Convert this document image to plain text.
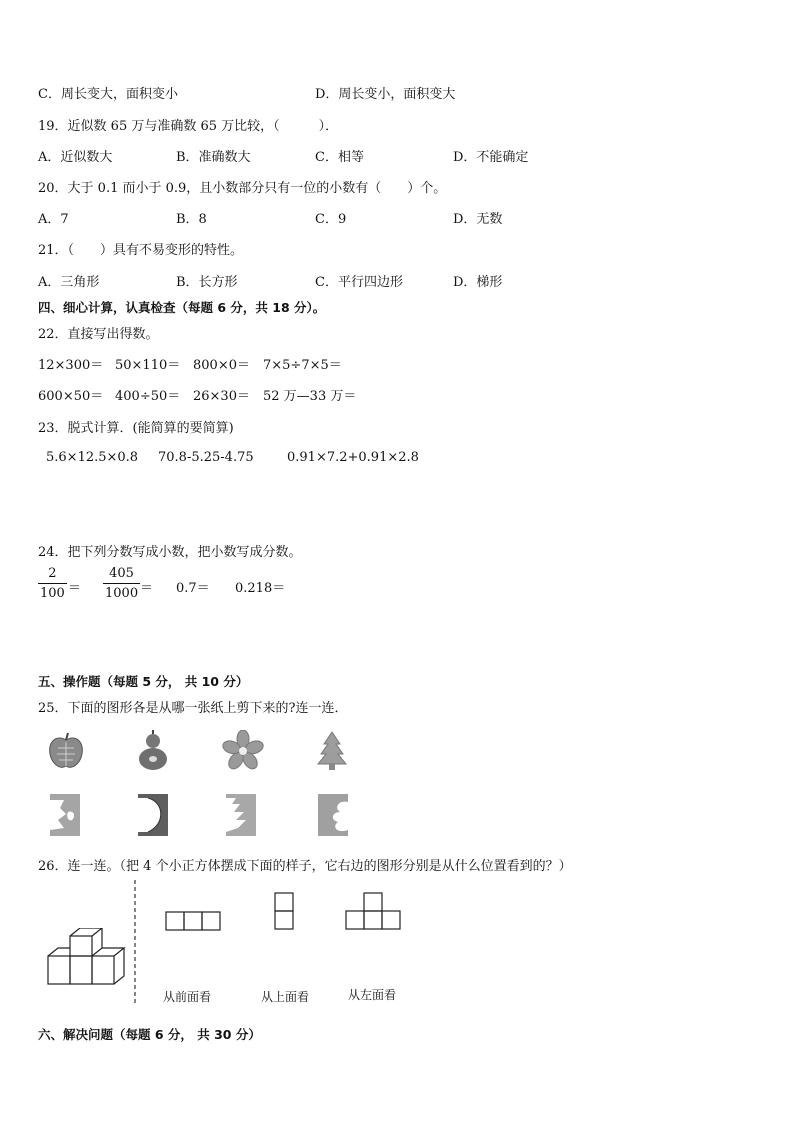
C．周长变大，面积变小	D．周长变小，面积变大
19．近似数 65 万与准确数 65 万比较，（　　　）．
A．近似数大	B．准确数大	C．相等	D．不能确定
20．大于 0.1 而小于 0.9，且小数部分只有一位的小数有（　　）个。
A．7	B．8	C．9	D．无数
21．（　　）具有不易变形的特性。
A．三角形	B．长方形	C．平行四边形	D．梯形
四、细心计算，认真检查（每题 6 分，共 18 分）。
22．直接写出得数。
12×300＝ 50×110＝ 800×0＝ 7×5÷7×5＝
600×50＝ 400÷50＝ 26×30＝ 52 万—33 万＝
23．脱式计算．(能简算的要简算)
5.6×12.5×0.8 70.8-5.25-4.75	0.91×7.2+0.91×2.8
24．把下列分数写成小数，把小数写成分数。
2
100 ＝
405
1000 ＝ 0.7＝ 0.218＝
五、操作题（每题 5 分， 共 10 分）
25．下面的图形各是从哪一张纸上剪下来的?连一连．
26．连一连。（把 4 个小正方体摆成下面的样子，它右边的图形分别是从什么位置看到的？）
从前面看	从上面看	从左面看
六、解决问题（每题 6 分， 共 30 分）
